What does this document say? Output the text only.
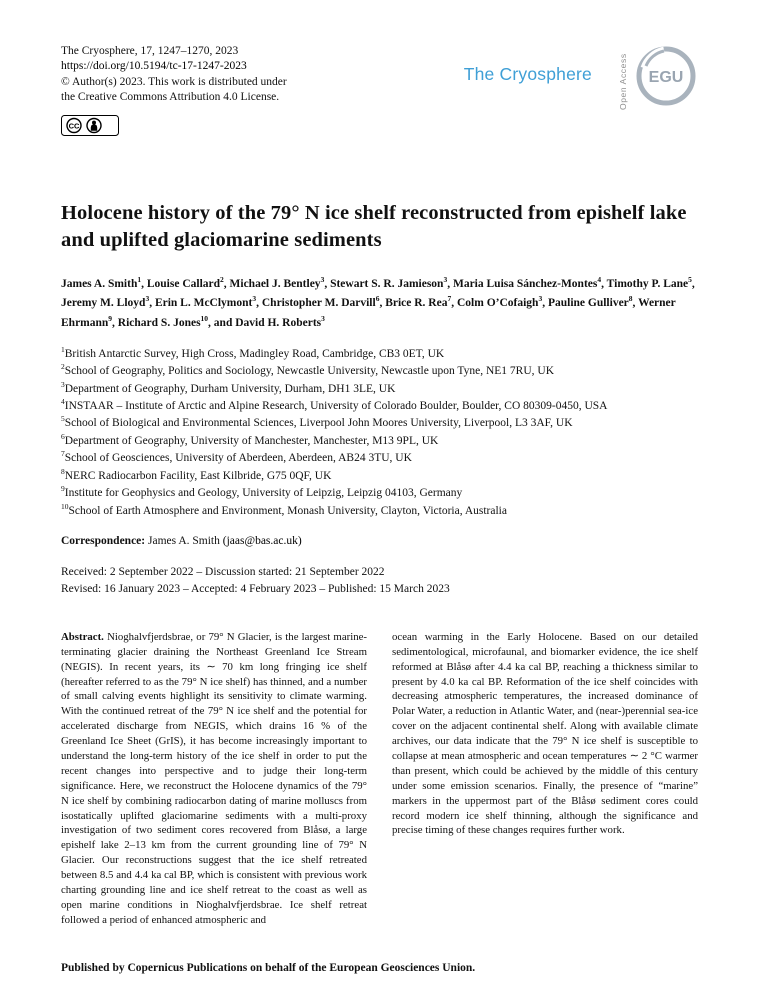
The Cryosphere, 17, 1247–1270, 2023
https://doi.org/10.5194/tc-17-1247-2023
© Author(s) 2023. This work is distributed under
the Creative Commons Attribution 4.0 License.
CC
The Cryosphere	Open Access EGU
Holocene history of the 79° N ice shelf reconstructed from epishelf lake and uplifted glaciomarine sediments

James A. Smith$^1$, Louise Callard$^2$, Michael J. Bentley$^3$, Stewart S. R. Jamieson$^3$, Maria Luisa Sánchez-Montes$^4$, Timothy P. Lane$^5$, Jeremy M. Lloyd$^3$, Erin L. McClymont$^3$, Christopher M. Darvill$^6$, Brice R. Rea$^7$, Colm O’Cofaigh$^3$, Pauline Gulliver$^8$, Werner Ehrmann$^9$, Richard S. Jones$^{10}$, and David H. Roberts$^3$

$^1$British Antarctic Survey, High Cross, Madingley Road, Cambridge, CB3 0ET, UK
$^2$School of Geography, Politics and Sociology, Newcastle University, Newcastle upon Tyne, NE1 7RU, UK
$^3$Department of Geography, Durham University, Durham, DH1 3LE, UK
$^4$INSTAAR – Institute of Arctic and Alpine Research, University of Colorado Boulder, Boulder, CO 80309-0450, USA
$^5$School of Biological and Environmental Sciences, Liverpool John Moores University, Liverpool, L3 3AF, UK
$^6$Department of Geography, University of Manchester, Manchester, M13 9PL, UK
$^7$School of Geosciences, University of Aberdeen, Aberdeen, AB24 3TU, UK
$^8$NERC Radiocarbon Facility, East Kilbride, G75 0QF, UK
$^9$Institute for Geophysics and Geology, University of Leipzig, Leipzig 04103, Germany
$^{10}$School of Earth Atmosphere and Environment, Monash University, Clayton, Victoria, Australia

Correspondence: James A. Smith (jaas@bas.ac.uk)

Received: 2 September 2022 – Discussion started: 21 September 2022
Revised: 16 January 2023 – Accepted: 4 February 2023 – Published: 15 March 2023
Abstract. Nioghalvfjerdsbrae, or 79° N Glacier, is the largest marine-terminating glacier draining the Northeast Greenland Ice Stream (NEGIS). In recent years, its ∼ 70 km long fringing ice shelf (hereafter referred to as the 79° N ice shelf) has thinned, and a number of small calving events highlight its sensitivity to climate warming. With the continued retreat of the 79° N ice shelf and the potential for accelerated discharge from NEGIS, which drains 16 % of the Greenland Ice Sheet (GrIS), it has become increasingly important to understand the long-term history of the ice shelf in order to put the recent changes into perspective and to judge their long-term significance. Here, we reconstruct the Holocene dynamics of the 79° N ice shelf by combining radiocarbon dating of marine molluscs from isostatically uplifted glaciomarine sediments with a multi-proxy investigation of two sediment cores recovered from Blåsø, a large epishelf lake 2–13 km from the current grounding line of 79° N Glacier. Our reconstructions suggest that the ice shelf retreated between 8.5 and 4.4 ka cal BP, which is consistent with previous work charting grounding line and ice shelf retreat to the coast as well as open marine conditions in Nioghalvfjerdsbrae. Ice shelf retreat followed a period of enhanced atmospheric and
ocean warming in the Early Holocene. Based on our detailed sedimentological, microfaunal, and biomarker evidence, the ice shelf reformed at Blåsø after 4.4 ka cal BP, reaching a thickness similar to present by 4.0 ka cal BP. Reformation of the ice shelf coincides with decreasing atmospheric temperatures, the increased dominance of Polar Water, a reduction in Atlantic Water, and (near-)perennial sea-ice cover on the adjacent continental shelf. Along with available climate archives, our data indicate that the 79° N ice shelf is susceptible to collapse at mean atmospheric and ocean temperatures ∼ 2 °C warmer than present, which could be achieved by the middle of this century under some emission scenarios. Finally, the presence of “marine” markers in the uppermost part of the Blåsø sediment cores could record modern ice shelf thinning, although the significance and precise timing of these changes requires further work.
Published by Copernicus Publications on behalf of the European Geosciences Union.
